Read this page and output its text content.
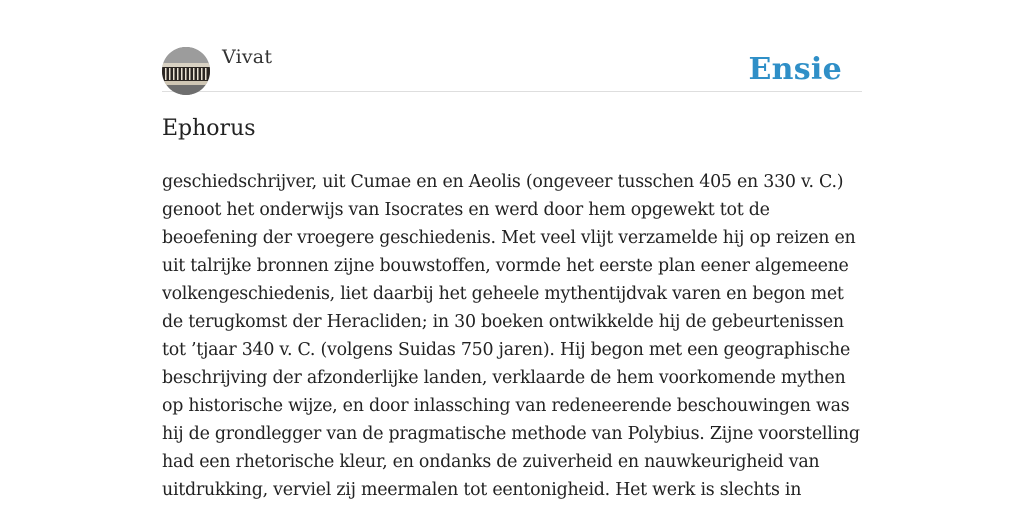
Vivat	Ensie
Ephorus

geschiedschrijver, uit Cumae en en Aeolis (ongeveer tusschen 405 en 330 v. C.) genoot het onderwijs van Isocrates en werd door hem opgewekt tot de beoefening der vroegere geschiedenis. Met veel vlijt verzamelde hij op reizen en uit talrijke bronnen zijne bouwstoffen, vormde het eerste plan eener algemeene volkengeschiedenis, liet daarbij het geheele mythentijdvak varen en begon met de terugkomst der Heracliden; in 30 boeken ontwikkelde hij de gebeurtenissen tot ’tjaar 340 v. C. (volgens Suidas 750 jaren). Hij begon met een geographische beschrijving der afzonderlijke landen, verklaarde de hem voorkomende mythen op historische wijze, en door inlassching van redeneerende beschouwingen was hij de grondlegger van de pragmatische methode van Polybius. Zijne voorstelling had een rhetorische kleur, en ondanks de zuiverheid en nauwkeurigheid van uitdrukking, verviel zij meermalen tot eentonigheid. Het werk is slechts in
